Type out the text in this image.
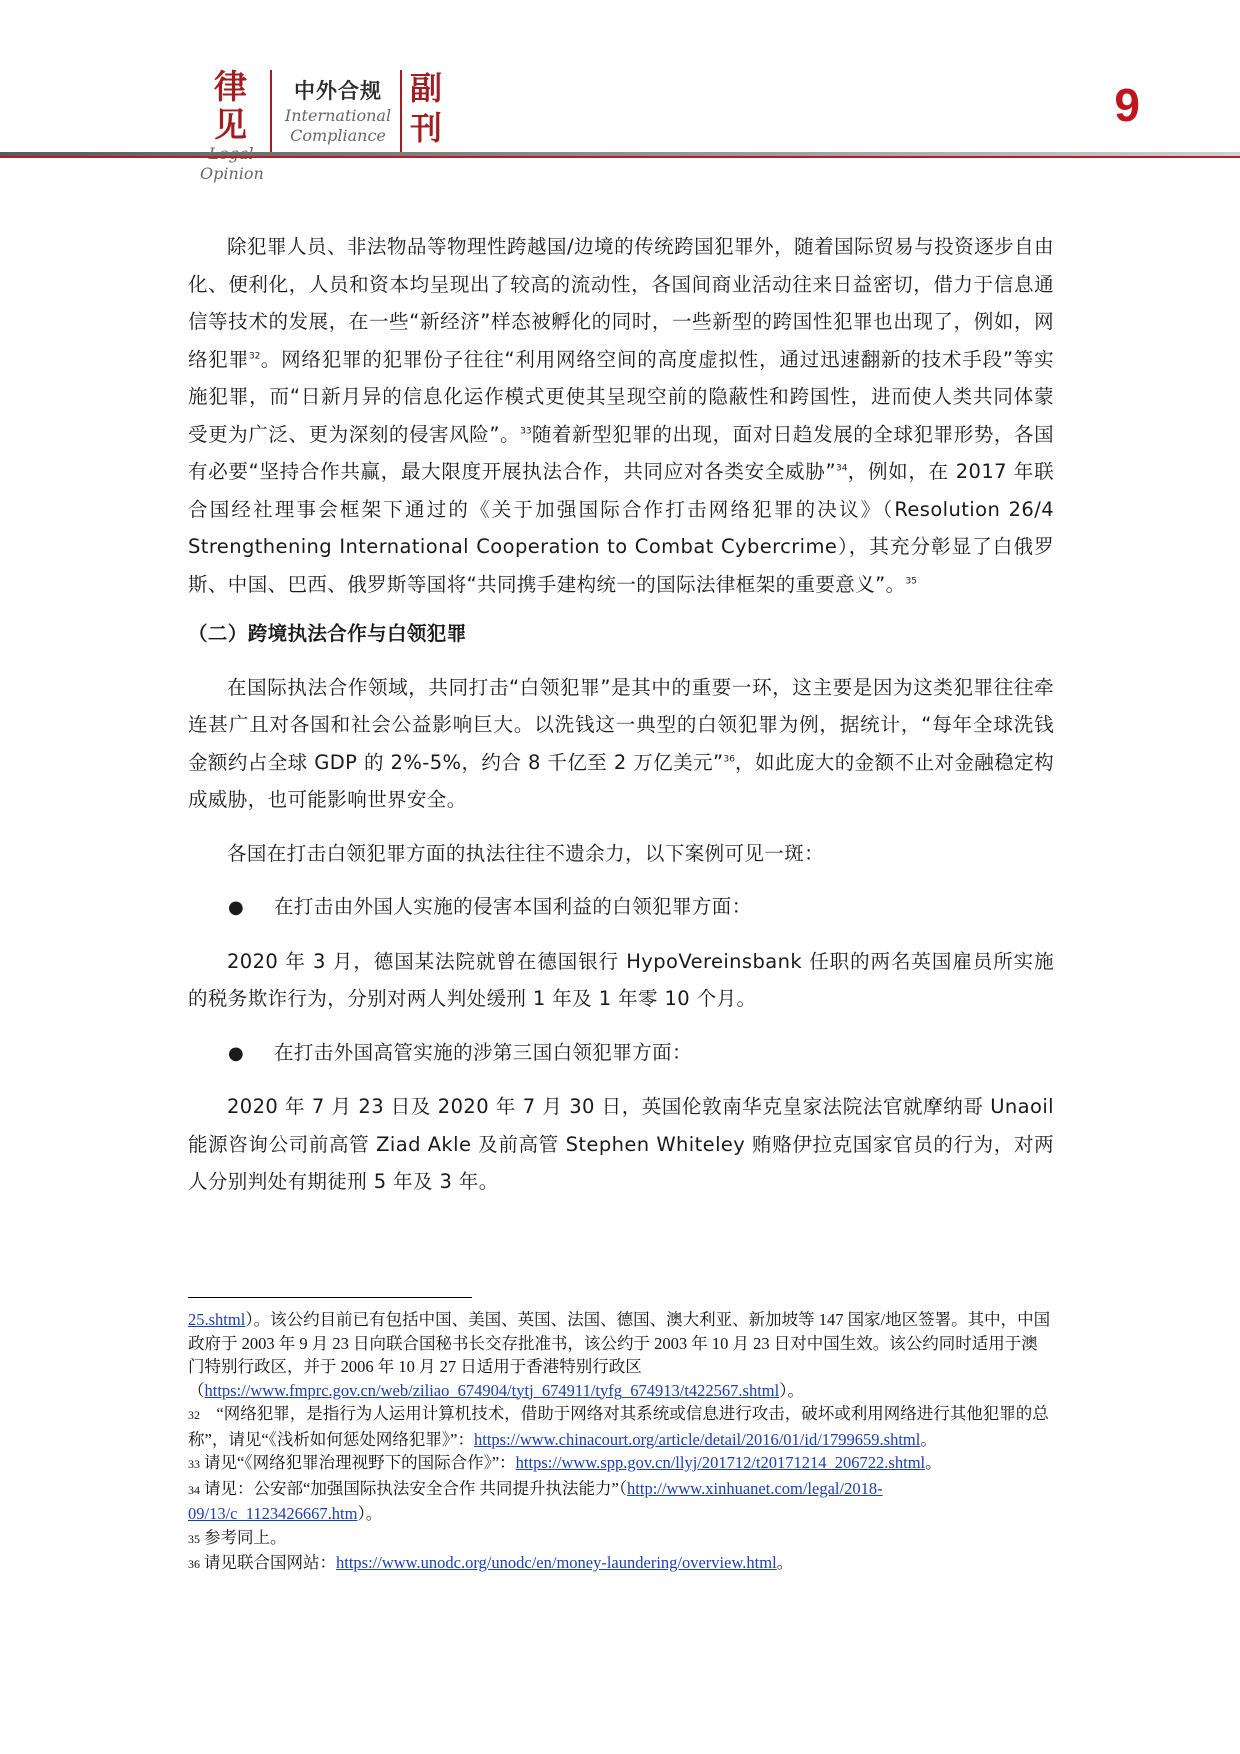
律见
Opinion
中外合规
International
Compliance
副
刊	9

除犯罪人员、非法物品等物理性跨越国/边境的传统跨国犯罪外，随着国际贸易与投资逐步自由化、便利化，人员和资本均呈现出了较高的流动性，各国间商业活动往来日益密切，借力于信息通信等技术的发展，在一些“新经济”样态被孵化的同时，一些新型的跨国性犯罪也出现了，例如，网络犯罪$^{32}$。网络犯罪的犯罪份子往往“利用网络空间的高度虚拟性，通过迅速翻新的技术手段”等实施犯罪，而“日新月异的信息化运作模式更使其呈现空前的隐蔽性和跨国性，进而使人类共同体蒙受更为广泛、更为深刻的侵害风险”。$^{33}$随着新型犯罪的出现，面对日趋发展的全球犯罪形势，各国有必要“坚持合作共赢，最大限度开展执法合作，共同应对各类安全威胁”$^{34}$，例如，在 2017 年联合国经社理事会框架下通过的《关于加强国际合作打击网络犯罪的决议》（Resolution 26/4 Strengthening International Cooperation to Combat Cybercrime），其充分彰显了白俄罗斯、中国、巴西、俄罗斯等国将“共同携手建构统一的国际法律框架的重要意义”。$^{35}$

（二）跨境执法合作与白领犯罪

在国际执法合作领域，共同打击“白领犯罪”是其中的重要一环，这主要是因为这类犯罪往往牵连甚广且对各国和社会公益影响巨大。以洗钱这一典型的白领犯罪为例，据统计，“每年全球洗钱金额约占全球 GDP 的 2%-5%，约合 8 千亿至 2 万亿美元”$^{36}$，如此庞大的金额不止对金融稳定构成威胁，也可能影响世界安全。

各国在打击白领犯罪方面的执法往往不遗余力，以下案例可见一斑：

● 在打击由外国人实施的侵害本国利益的白领犯罪方面：

2020 年 3 月，德国某法院就曾在德国银行 HypoVereinsbank 任职的两名英国雇员所实施的税务欺诈行为，分别对两人判处缓刑 1 年及 1 年零 10 个月。

● 在打击外国高管实施的涉第三国白领犯罪方面：

2020 年 7 月 23 日及 2020 年 7 月 30 日，英国伦敦南华克皇家法院法官就摩纳哥 Unaoil 能源咨询公司前高管 Ziad Akle 及前高管 Stephen Whiteley 贿赂伊拉克国家官员的行为，对两人分别判处有期徒刑 5 年及 3 年。

25.shtml）。该公约目前已有包括中国、美国、英国、法国、德国、澳大利亚、新加坡等 147 国家/地区签署。其中，中国政府于 2003 年 9 月 23 日向联合国秘书长交存批准书，该公约于 2003 年 10 月 23 日对中国生效。该公约同时适用于澳门特别行政区，并于 2006 年 10 月 27 日适用于香港特别行政区（https://www.fmprc.gov.cn/web/ziliao_674904/tytj_674911/tyfg_674913/t422567.shtml）。

32 “网络犯罪，是指行为人运用计算机技术，借助于网络对其系统或信息进行攻击，破坏或利用网络进行其他犯罪的总称”，请见“《浅析如何惩处网络犯罪》”：https://www.chinacourt.org/article/detail/2016/01/id/1799659.shtml。

33 请见“《网络犯罪治理视野下的国际合作》”：https://www.spp.gov.cn/llyj/201712/t20171214_206722.shtml。

34 请见：公安部“加强国际执法安全合作 共同提升执法能力”（http://www.xinhuanet.com/legal/2018-09/13/c_1123426667.htm）。

35 参考同上。

36 请见联合国网站：https://www.unodc.org/unodc/en/money-laundering/overview.html。
